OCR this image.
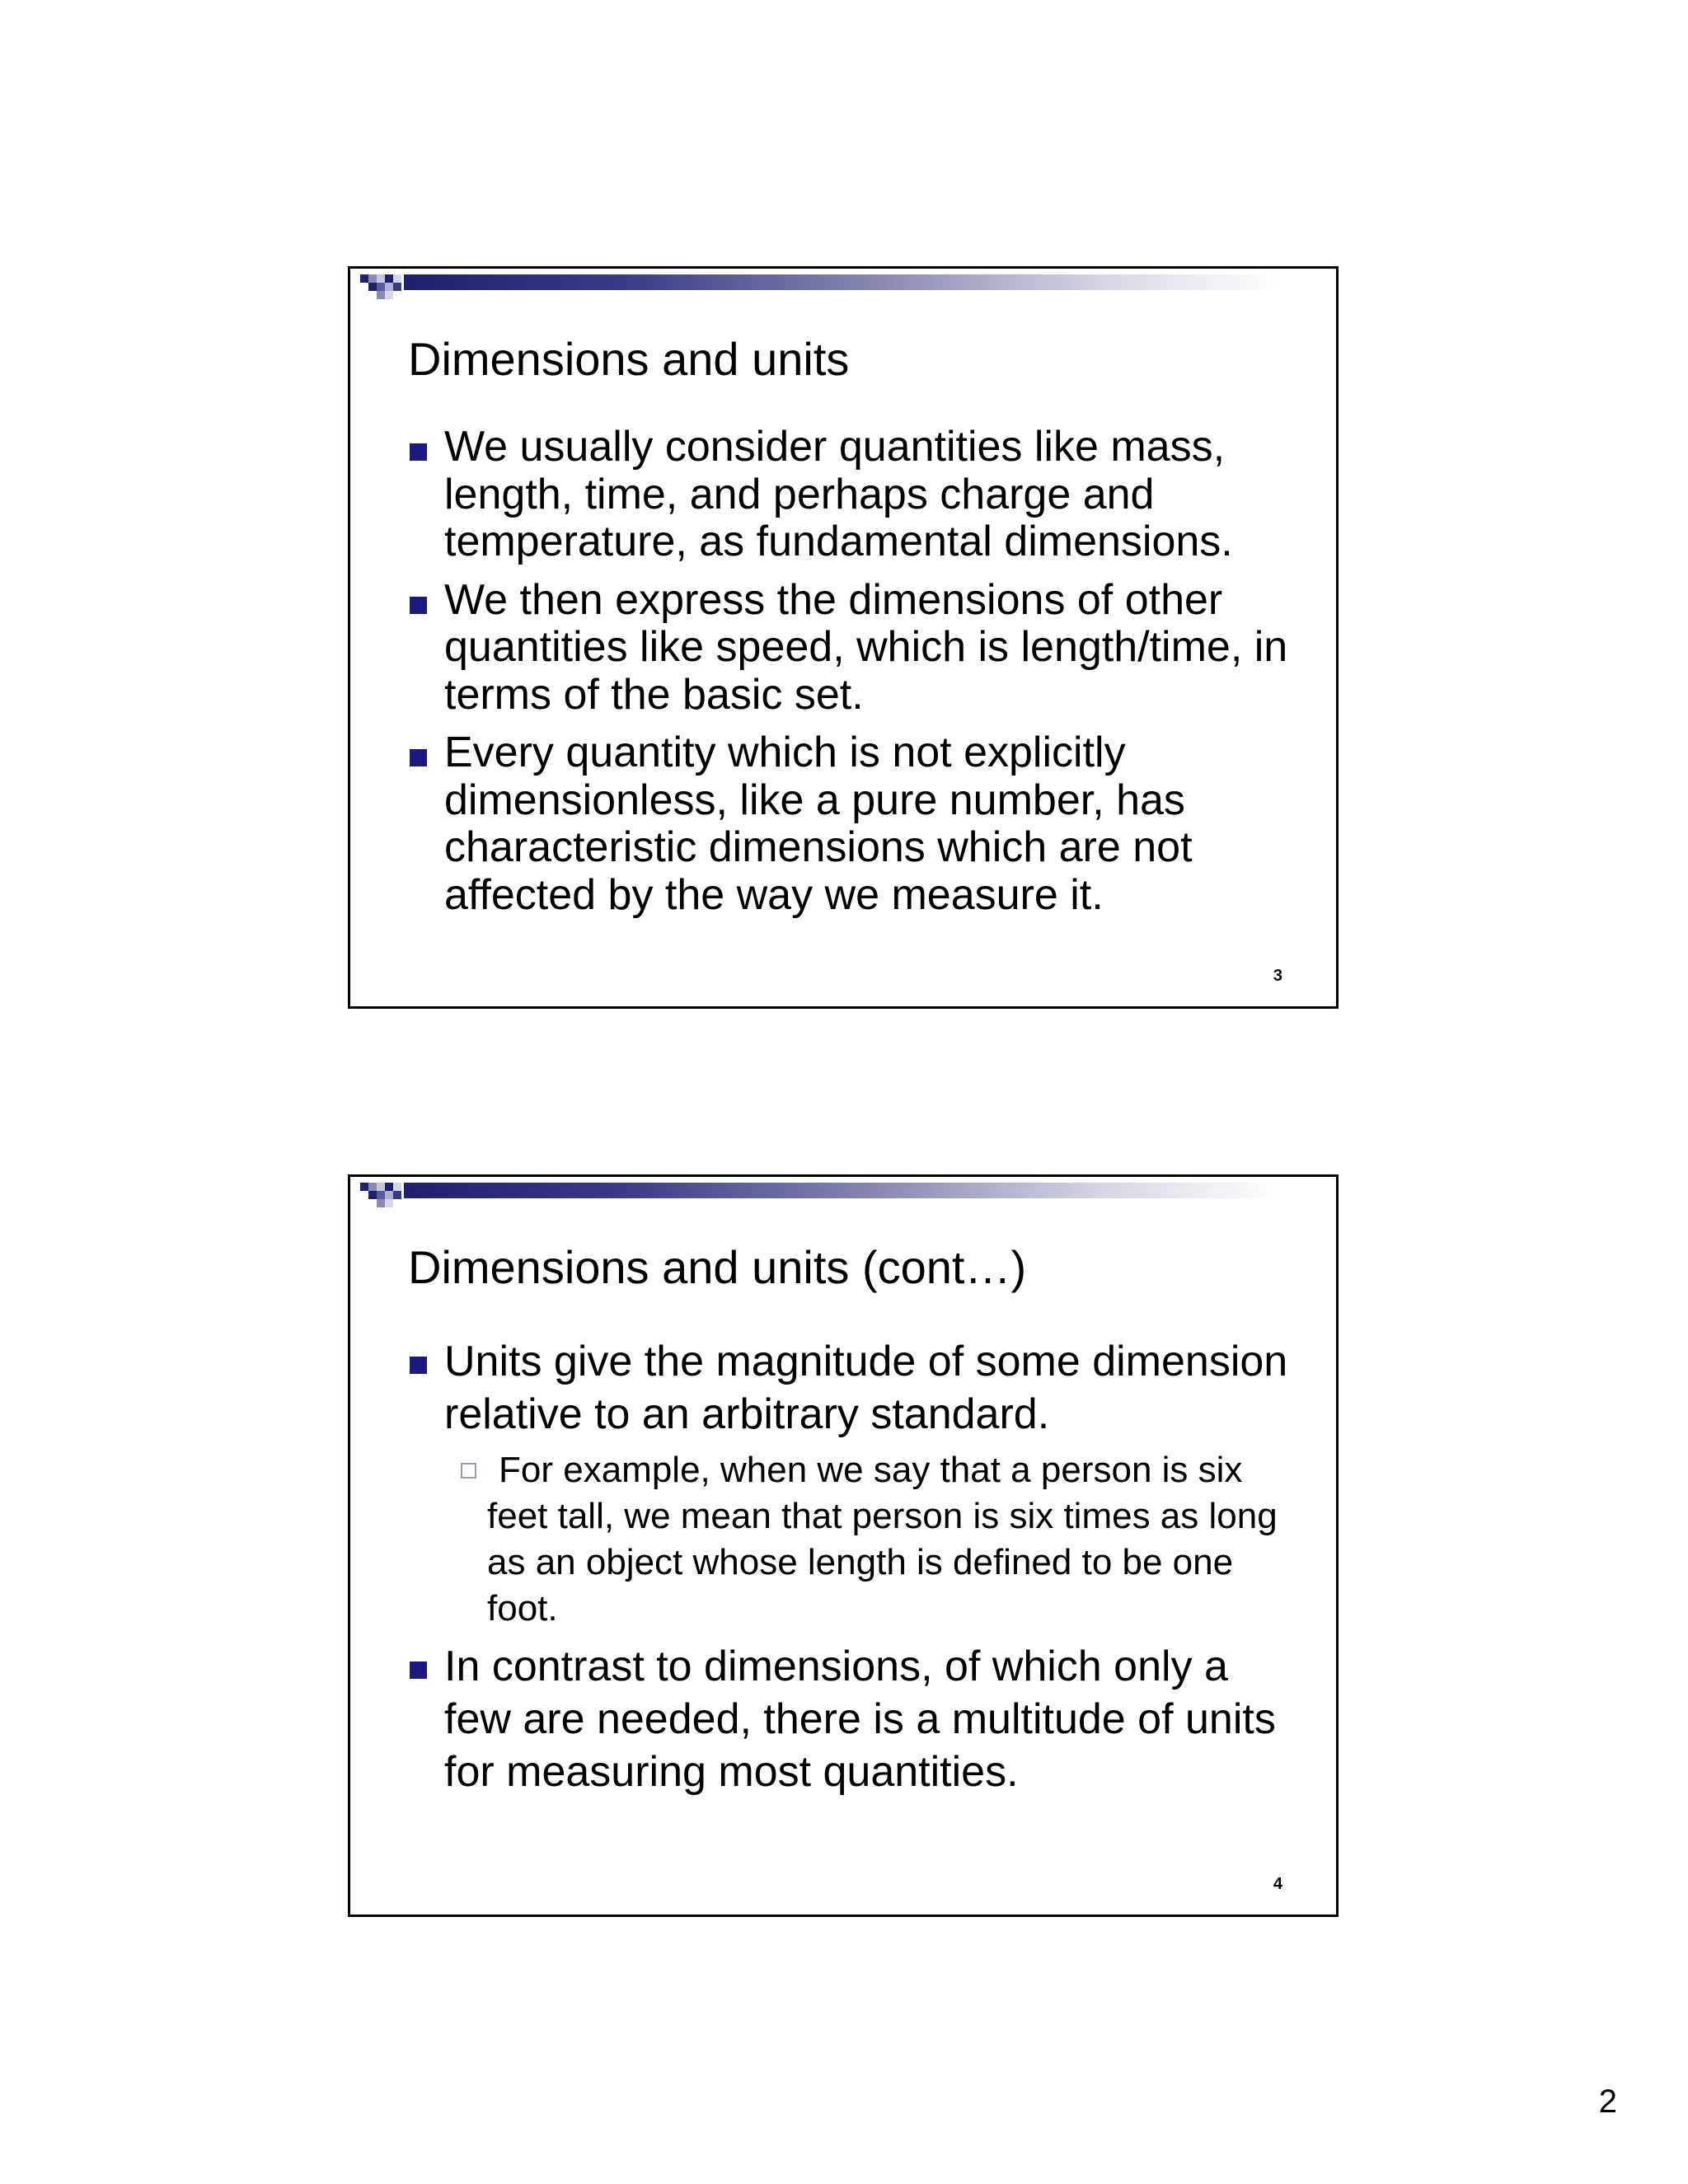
Dimensions and units
We usually consider quantities like mass, length, time, and perhaps charge and temperature, as fundamental dimensions.
We then express the dimensions of other quantities like speed, which is length/time, in terms of the basic set.
Every quantity which is not explicitly dimensionless, like a pure number, has characteristic dimensions which are not affected by the way we measure it.
3
Dimensions and units (cont…)
Units give the magnitude of some dimension relative to an arbitrary standard.
For example, when we say that a person is six feet tall, we mean that person is six times as long as an object whose length is defined to be one foot.
In contrast to dimensions, of which only a few are needed, there is a multitude of units for measuring most quantities.
4
2
